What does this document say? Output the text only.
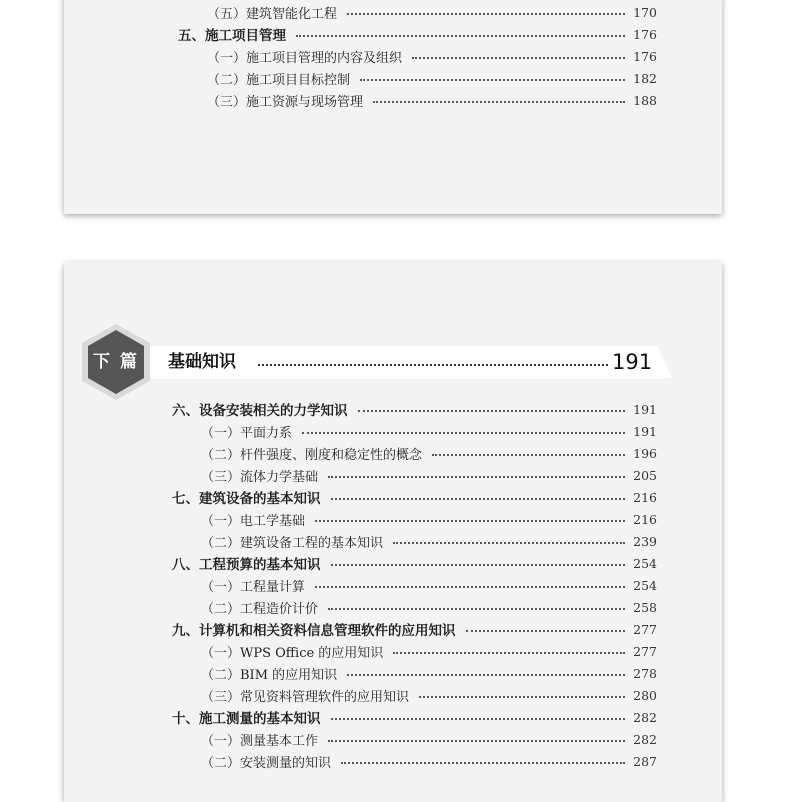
（五）建筑智能化工程	170
五、施工项目管理	176
（一）施工项目管理的内容及组织	176
（二）施工项目目标控制	182
（三）施工资源与现场管理	188
下 篇 基础知识	191
六、设备安装相关的力学知识	191
（一）平面力系	191
（二）杆件强度、刚度和稳定性的概念	196
（三）流体力学基础	205
七、建筑设备的基本知识	216
（一）电工学基础	216
（二）建筑设备工程的基本知识	239
八、工程预算的基本知识	254
（一）工程量计算	254
（二）工程造价计价	258
九、计算机和相关资料信息管理软件的应用知识	277
（一）WPS Office 的应用知识	277
（二）BIM 的应用知识	278
（三）常见资料管理软件的应用知识	280
十、施工测量的基本知识	282
（一）测量基本工作	282
（二）安装测量的知识	287
